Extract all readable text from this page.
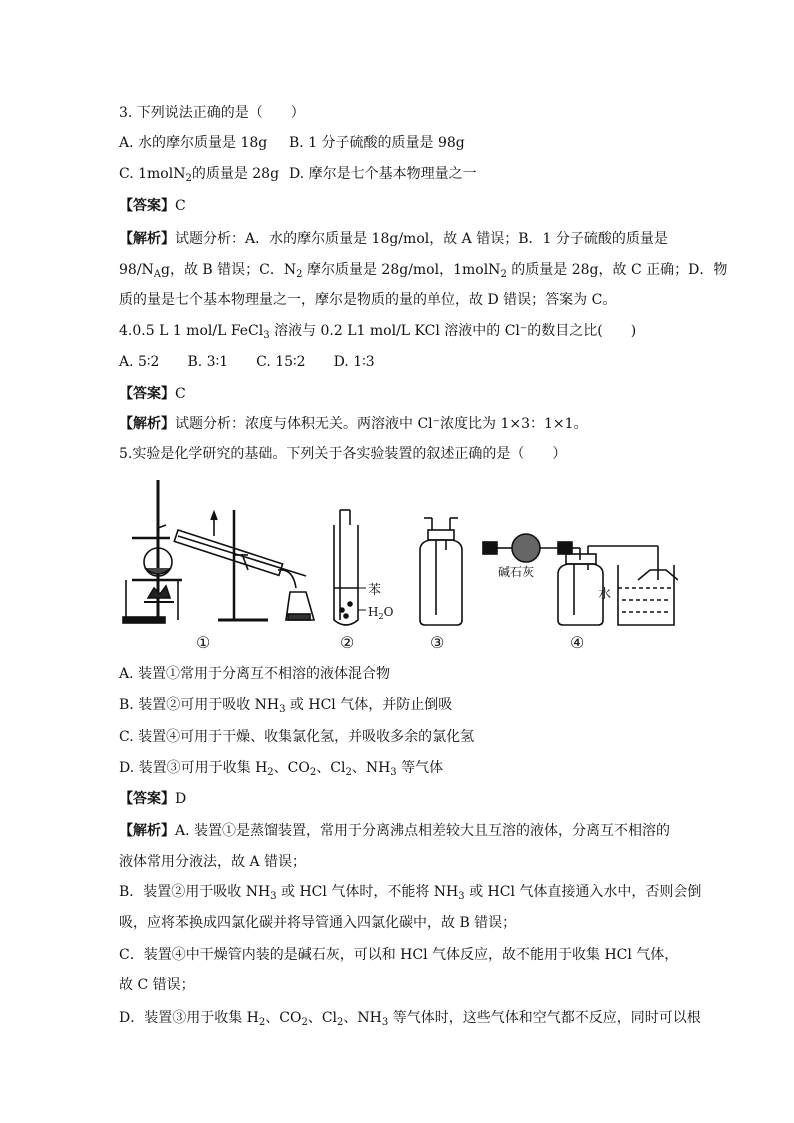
3. 下列说法正确的是（　　）
A. 水的摩尔质量是 18g B. 1 分子硫酸的质量是 98g
C. 1molN$_2$的质量是 28g D. 摩尔是七个基本物理量之一
【答案】C
【解析】试题分析：A．水的摩尔质量是 18g/mol，故 A 错误；B．1 分子硫酸的质量是
$98/N_Ag$，故 B 错误；C．$N_2$ 摩尔质量是 28g/mol，1molN$_2$ 的质量是 28g，故 C 正确；D．物
质的量是七个基本物理量之一，摩尔是物质的量的单位，故 D 错误；答案为 C。
4.0.5 L 1 mol/L FeCl$_3$ 溶液与 0.2 L1 mol/L KCl 溶液中的 Cl⁻的数目之比(　　)
A. 5∶2　　B. 3∶1　　C. 15∶2　　D. 1∶3
【答案】C
【解析】试题分析：浓度与体积无关。两溶液中 Cl⁻浓度比为 1×3：1×1。
5.实验是化学研究的基础。下列关于各实验装置的叙述正确的是（　　）
①
苯
$H_2O$
②	③
碱石灰
水
④
A. 装置①常用于分离互不相溶的液体混合物
B. 装置②可用于吸收 $NH_3$ 或 HCl 气体，并防止倒吸
C. 装置④可用于干燥、收集氯化氢，并吸收多余的氯化氢
D. 装置③可用于收集 $H_2$、$CO_2$、$Cl_2$、$NH_3$ 等气体
【答案】D
【解析】A. 装置①是蒸馏装置，常用于分离沸点相差较大且互溶的液体，分离互不相溶的
液体常用分液法，故 A 错误；
B．装置②用于吸收 $NH_3$ 或 HCl 气体时，不能将 $NH_3$ 或 HCl 气体直接通入水中，否则会倒
吸，应将苯换成四氯化碳并将导管通入四氯化碳中，故 B 错误；
C．装置④中干燥管内装的是碱石灰，可以和 HCl 气体反应，故不能用于收集 HCl 气体，
故 C 错误；
D．装置③用于收集 $H_2$、$CO_2$、$Cl_2$、$NH_3$ 等气体时，这些气体和空气都不反应，同时可以根
